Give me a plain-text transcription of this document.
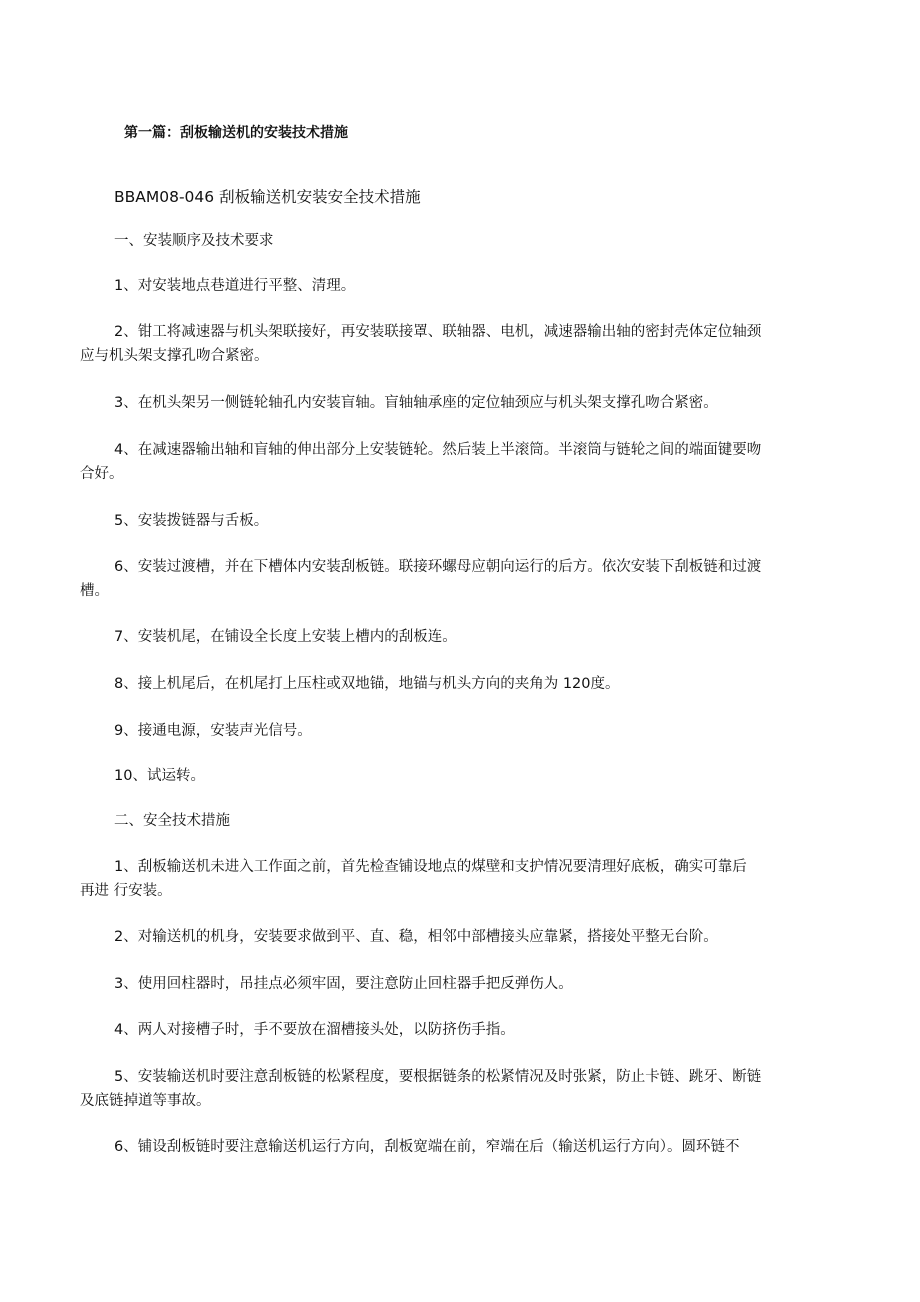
第一篇：刮板输送机的安装技术措施
BBAM08-046 刮板输送机安装安全技术措施
一、安装顺序及技术要求
1、对安装地点巷道进行平整、清理。
2、钳工将减速器与机头架联接好，再安装联接罩、联轴器、电机，减速器输出轴的密封壳体定位轴颈
应与机头架支撑孔吻合紧密。
3、在机头架另一侧链轮轴孔内安装盲轴。盲轴轴承座的定位轴颈应与机头架支撑孔吻合紧密。
4、在减速器输出轴和盲轴的伸出部分上安装链轮。然后装上半滚筒。半滚筒与链轮之间的端面键要吻
合好。
5、安装拨链器与舌板。
6、安装过渡槽，并在下槽体内安装刮板链。联接环螺母应朝向运行的后方。依次安装下刮板链和过渡
槽。
7、安装机尾，在铺设全长度上安装上槽内的刮板连。
8、接上机尾后，在机尾打上压柱或双地锚，地锚与机头方向的夹角为 120度。
9、接通电源，安装声光信号。
10、试运转。
二、安全技术措施
1、刮板输送机未进入工作面之前，首先检查铺设地点的煤壁和支护情况要清理好底板，确实可靠后
再进 行安装。
2、对输送机的机身，安装要求做到平、直、稳，相邻中部槽接头应靠紧，搭接处平整无台阶。
3、使用回柱器时，吊挂点必须牢固，要注意防止回柱器手把反弹伤人。
4、两人对接槽子时，手不要放在溜槽接头处，以防挤伤手指。
5、安装输送机时要注意刮板链的松紧程度，要根据链条的松紧情况及时张紧，防止卡链、跳牙、断链
及底链掉道等事故。
6、铺设刮板链时要注意输送机运行方向，刮板宽端在前，窄端在后（输送机运行方向）。圆环链不
